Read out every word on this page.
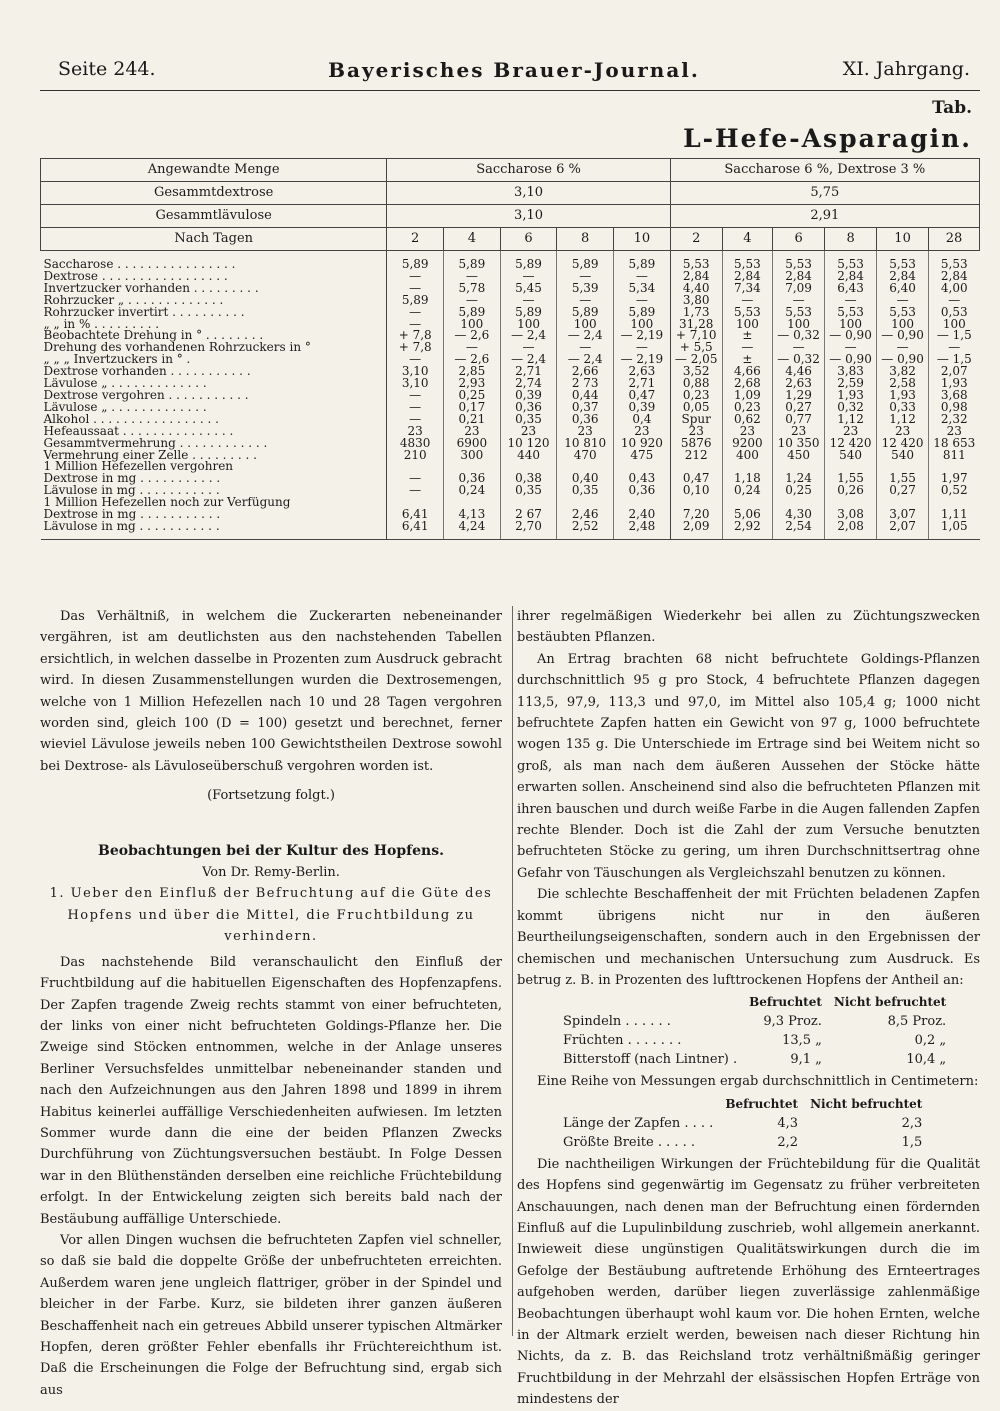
Seite 244.	Bayerisches Brauer-Journal.	XI. Jahrgang.
Tab.
L-Hefe-Asparagin.
Angewandte Menge	Saccharose 6 %					Saccharose 6 %, Dextrose 3 %					
Gesammtdextrose	3,10					5,75					
Gesammtlävulose	3,10					2,91					
Nach Tagen	2	4	6	8	10	2	4	6	8	10	28
Saccharose . . . . . . . . . . . . . . . .	5,89	5,89	5,89	5,89	5,89	5,53	5,53	5,53	5,53	5,53	5,53
Dextrose . . . . . . . . . . . . . . . . .	—	—	—	—	—	2,84	2,84	2,84	2,84	2,84	2,84
Invertzucker vorhanden . . . . . . . . .	—	5,78	5,45	5,39	5,34	4,40	7,34	7,09	6,43	6,40	4,00
Rohrzucker „ . . . . . . . . . . . . .	5,89	—	—	—	—	3,80	—	—	—	—	—
Rohrzucker invertirt . . . . . . . . . .	—	5,89	5,89	5,89	5,89	1,73	5,53	5,53	5,53	5,53	0,53
„ „ in % . . . . . . . . .	—	100	100	100	100	31,28	100	100	100	100	100
Beobachtete Drehung in ° . . . . . . . .	+ 7,8	— 2,6	— 2,4	— 2,4	— 2,19	+ 7,10	±	— 0,32	— 0,90	— 0,90	— 1,5
Drehung des vorhandenen Rohrzuckers in °	+ 7,8	—	—	—	—	+ 5,5	—	—	—	—	—
„ „ „ Invertzuckers in ° .	—	— 2,6	— 2,4	— 2,4	— 2,19	— 2,05	±	— 0,32	— 0,90	— 0,90	— 1,5
Dextrose vorhanden . . . . . . . . . . .	3,10	2,85	2,71	2,66	2,63	3,52	4,66	4,46	3,83	3,82	2,07
Lävulose „ . . . . . . . . . . . . .	3,10	2,93	2,74	2 73	2,71	0,88	2,68	2,63	2,59	2,58	1,93
Dextrose vergohren . . . . . . . . . . .	—	0,25	0,39	0,44	0,47	0,23	1,09	1,29	1,93	1,93	3,68
Lävulose „ . . . . . . . . . . . . .	—	0,17	0,36	0,37	0,39	0,05	0,23	0,27	0,32	0,33	0,98
Alkohol . . . . . . . . . . . . . . . . .	—	0,21	0,35	0,36	0,4	Spur	0,62	0,77	1,12	1,12	2,32
Hefeaussaat . . . . . . . . . . . . . . .	23	23	23	23	23	23	23	23	23	23	23
Gesammtvermehrung . . . . . . . . . . . .	4830	6900	10 120	10 810	10 920	5876	9200	10 350	12 420	12 420	18 653
Vermehrung einer Zelle . . . . . . . . .	210	300	440	470	475	212	400	450	540	540	811
1 Million Hefezellen vergohren											
Dextrose in mg . . . . . . . . . . .	—	0,36	0,38	0,40	0,43	0,47	1,18	1,24	1,55	1,55	1,97
Lävulose in mg . . . . . . . . . . .	—	0,24	0,35	0,35	0,36	0,10	0,24	0,25	0,26	0,27	0,52
1 Million Hefezellen noch zur Verfügung											
Dextrose in mg . . . . . . . . . . .	6,41	4,13	2 67	2,46	2,40	7,20	5,06	4,30	3,08	3,07	1,11
Lävulose in mg . . . . . . . . . . .	6,41	4,24	2,70	2,52	2,48	2,09	2,92	2,54	2,08	2,07	1,05

Das Verhältniß, in welchem die Zuckerarten nebeneinander vergähren, ist am deutlichsten aus den nachstehenden Tabellen ersichtlich, in welchen dasselbe in Prozenten zum Ausdruck gebracht wird. In diesen Zusammenstellungen wurden die Dextrosemengen, welche von 1 Million Hefezellen nach 10 und 28 Tagen vergohren worden sind, gleich 100 (D = 100) gesetzt und berechnet, ferner wieviel Lävulose jeweils neben 100 Gewichtstheilen Dextrose sowohl bei Dextrose- als Lävuloseüberschuß vergohren worden ist.

(Fortsetzung folgt.)
Beobachtungen bei der Kultur des Hopfens.
Von Dr. Remy-Berlin.
1. Ueber den Einfluß der Befruchtung auf die Güte des Hopfens und über die Mittel, die Fruchtbildung zu verhindern.

Das nachstehende Bild veranschaulicht den Einfluß der Fruchtbildung auf die habituellen Eigenschaften des Hopfenzapfens. Der Zapfen tragende Zweig rechts stammt von einer befruchteten, der links von einer nicht befruchteten Goldings-Pflanze her. Die Zweige sind Stöcken entnommen, welche in der Anlage unseres Berliner Versuchsfeldes unmittelbar nebeneinander standen und nach den Aufzeichnungen aus den Jahren 1898 und 1899 in ihrem Habitus keinerlei auffällige Verschiedenheiten aufwiesen. Im letzten Sommer wurde dann die eine der beiden Pflanzen Zwecks Durchführung von Züchtungsversuchen bestäubt. In Folge Dessen war in den Blüthenständen derselben eine reichliche Früchtebildung erfolgt. In der Entwickelung zeigten sich bereits bald nach der Bestäubung auffällige Unterschiede.

Vor allen Dingen wuchsen die befruchteten Zapfen viel schneller, so daß sie bald die doppelte Größe der unbefruchteten erreichten. Außerdem waren jene ungleich flattriger, gröber in der Spindel und bleicher in der Farbe. Kurz, sie bildeten ihrer ganzen äußeren Beschaffenheit nach ein getreues Abbild unserer typischen Altmärker Hopfen, deren größter Fehler ebenfalls ihr Früchtereichthum ist. Daß die Erscheinungen die Folge der Befruchtung sind, ergab sich aus

ihrer regelmäßigen Wiederkehr bei allen zu Züchtungszwecken bestäubten Pflanzen.

An Ertrag brachten 68 nicht befruchtete Goldings-Pflanzen durchschnittlich 95 g pro Stock, 4 befruchtete Pflanzen dagegen 113,5, 97,9, 113,3 und 97,0, im Mittel also 105,4 g; 1000 nicht befruchtete Zapfen hatten ein Gewicht von 97 g, 1000 befruchtete wogen 135 g. Die Unterschiede im Ertrage sind bei Weitem nicht so groß, als man nach dem äußeren Aussehen der Stöcke hätte erwarten sollen. Anscheinend sind also die befruchteten Pflanzen mit ihren bauschen und durch weiße Farbe in die Augen fallenden Zapfen rechte Blender. Doch ist die Zahl der zum Versuche benutzten befruchteten Stöcke zu gering, um ihren Durchschnittsertrag ohne Gefahr von Täuschungen als Vergleichszahl benutzen zu können.

Die schlechte Beschaffenheit der mit Früchten beladenen Zapfen kommt übrigens nicht nur in den äußeren Beurtheilungseigenschaften, sondern auch in den Ergebnissen der chemischen und mechanischen Untersuchung zum Ausdruck. Es betrug z. B. in Prozenten des lufttrockenen Hopfens der Antheil an:

	Befruchtet	Nicht befruchtet
Spindeln . . . . . .	9,3 Proz.	8,5 Proz.
Früchten . . . . . . .	13,5 „	0,2 „
Bitterstoff (nach Lintner) .	9,1 „	10,4 „

Eine Reihe von Messungen ergab durchschnittlich in Centimetern:

	Befruchtet	Nicht befruchtet
Länge der Zapfen . . . .	4,3	2,3
Größte Breite . . . . .	2,2	1,5

Die nachtheiligen Wirkungen der Früchtebildung für die Qualität des Hopfens sind gegenwärtig im Gegensatz zu früher verbreiteten Anschauungen, nach denen man der Befruchtung einen fördernden Einfluß auf die Lupulinbildung zuschrieb, wohl allgemein anerkannt. Inwieweit diese ungünstigen Qualitätswirkungen durch die im Gefolge der Bestäubung auftretende Erhöhung des Ernteertrages aufgehoben werden, darüber liegen zuverlässige zahlenmäßige Beobachtungen überhaupt wohl kaum vor. Die hohen Ernten, welche in der Altmark erzielt werden, beweisen nach dieser Richtung hin Nichts, da z. B. das Reichsland trotz verhältnißmäßig geringer Fruchtbildung in der Mehrzahl der elsässischen Hopfen Erträge von mindestens der
